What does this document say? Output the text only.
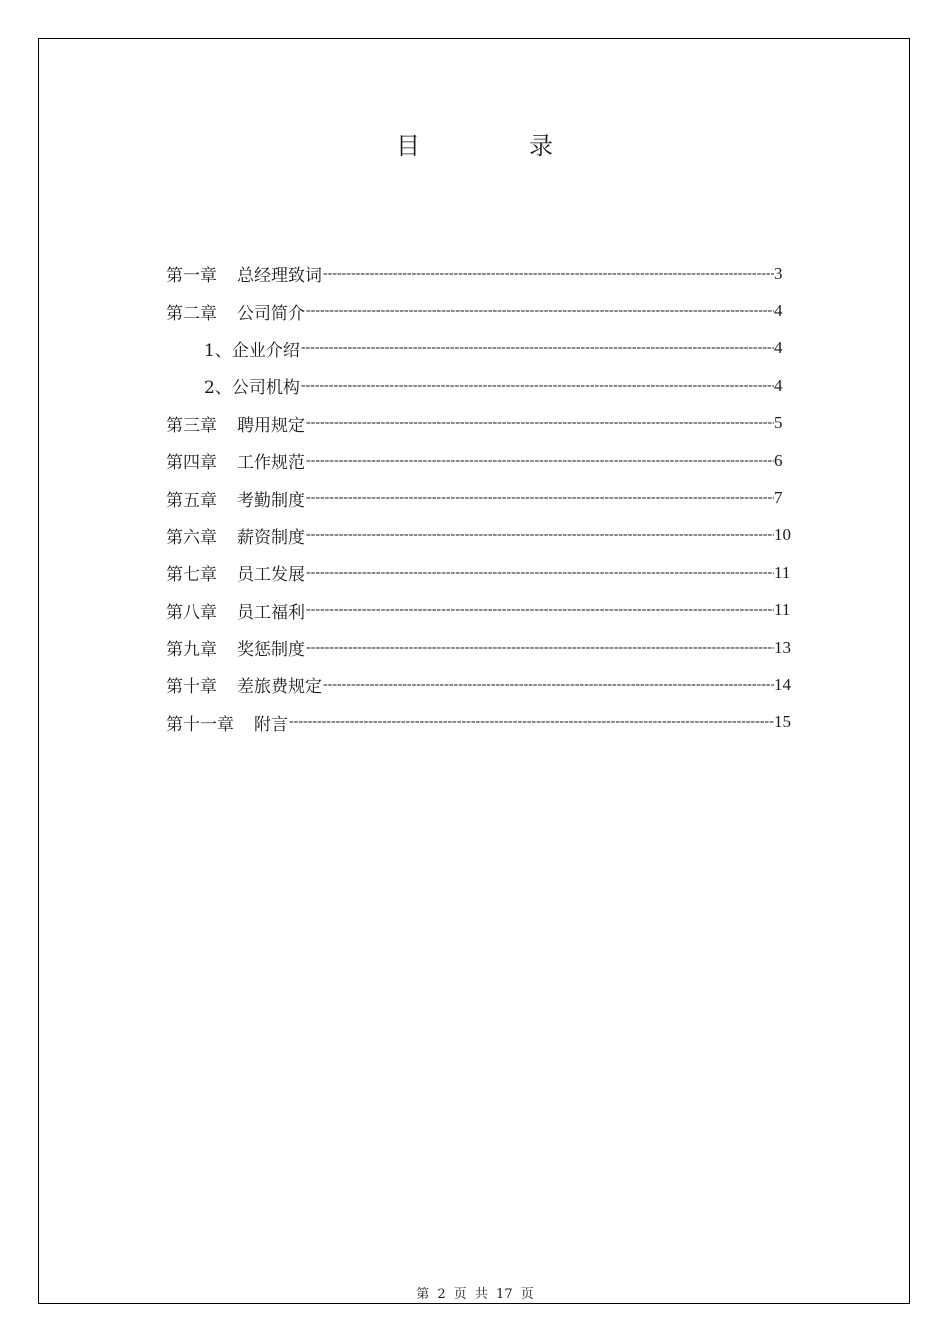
目	录
第一章 总经理致词 -----	3
第二章 公司简介 -----	4
1、企业介绍 -----	4
2、公司机构 -----	4
第三章 聘用规定 -----	5
第四章 工作规范 -----	6
第五章 考勤制度 -----	7
第六章 薪资制度 -----	10
第七章 员工发展 -----	11
第八章 员工福利 -----	11
第九章 奖惩制度 -----	13
第十章 差旅费规定 -----	14
第十一章 附言 -----	15
第 2 页 共 17 页
